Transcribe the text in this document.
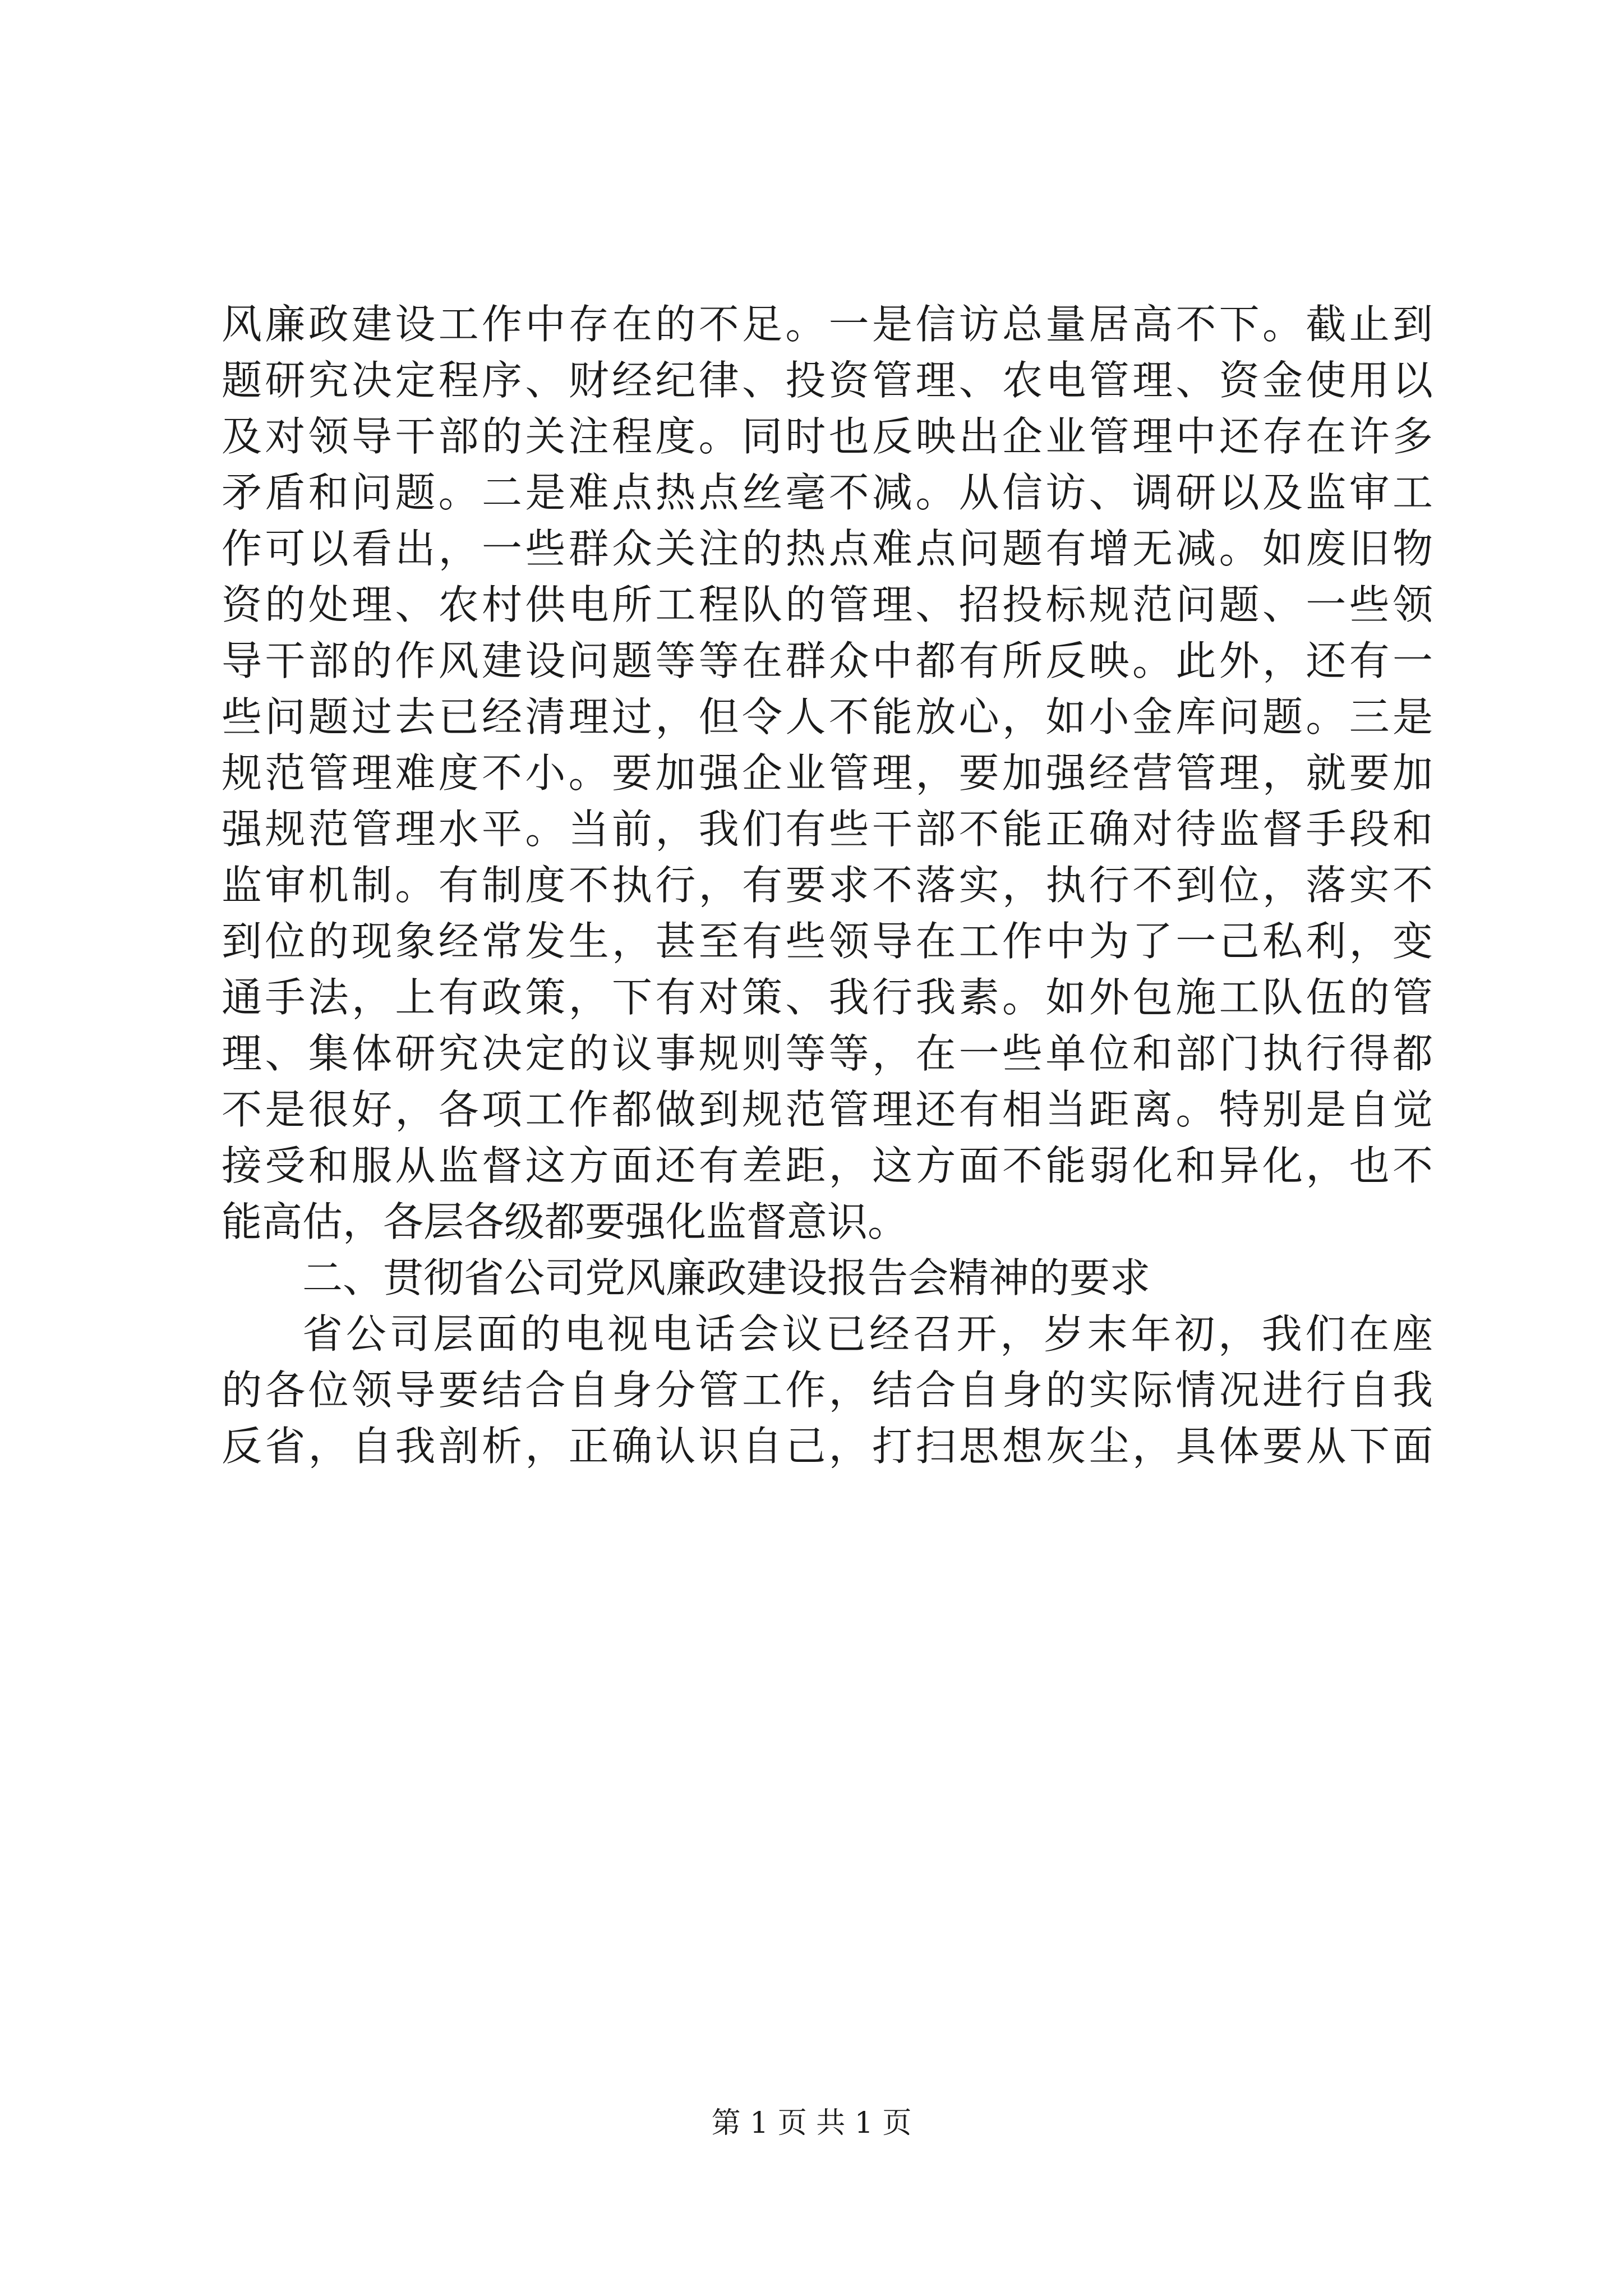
风廉政建设工作中存在的不足。一是信访总量居高不下。截止到
题研究决定程序、财经纪律、投资管理、农电管理、资金使用以
及对领导干部的关注程度。同时也反映出企业管理中还存在许多
矛盾和问题。二是难点热点丝毫不减。从信访、调研以及监审工
作可以看出，一些群众关注的热点难点问题有增无减。如废旧物
资的处理、农村供电所工程队的管理、招投标规范问题、一些领
导干部的作风建设问题等等在群众中都有所反映。此外，还有一
些问题过去已经清理过，但令人不能放心，如小金库问题。三是
规范管理难度不小。要加强企业管理，要加强经营管理，就要加
强规范管理水平。当前，我们有些干部不能正确对待监督手段和
监审机制。有制度不执行，有要求不落实，执行不到位，落实不
到位的现象经常发生，甚至有些领导在工作中为了一己私利，变
通手法，上有政策，下有对策、我行我素。如外包施工队伍的管
理、集体研究决定的议事规则等等，在一些单位和部门执行得都
不是很好，各项工作都做到规范管理还有相当距离。特别是自觉
接受和服从监督这方面还有差距，这方面不能弱化和异化，也不
能高估，各层各级都要强化监督意识。
二、贯彻省公司党风廉政建设报告会精神的要求
省公司层面的电视电话会议已经召开，岁末年初，我们在座
的各位领导要结合自身分管工作，结合自身的实际情况进行自我
反省，自我剖析，正确认识自己，打扫思想灰尘，具体要从下面
第 1 页 共 1 页
